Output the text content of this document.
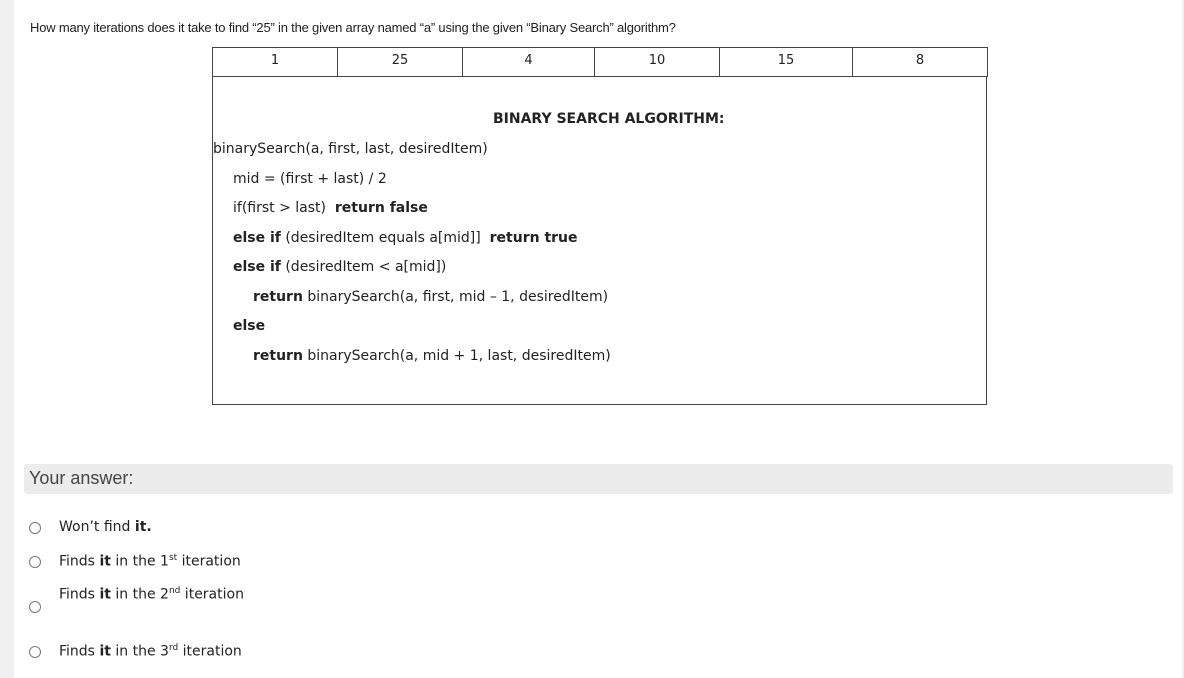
How many iterations does it take to find “25” in the given array named “a” using the given “Binary Search” algorithm?
1	25	4	10	15	8
BINARY SEARCH ALGORITHM:
binarySearch(a, first, last, desiredItem)
mid = (first + last) / 2
if(first > last) return false
else if (desiredItem equals a[mid]] return true
else if (desiredItem < a[mid])
return binarySearch(a, first, mid – 1, desiredItem)
else
return binarySearch(a, mid + 1, last, desiredItem)
Your answer:
Won’t find it.
Finds it in the 1st iteration
Finds it in the 2nd iteration
Finds it in the 3rd iteration
